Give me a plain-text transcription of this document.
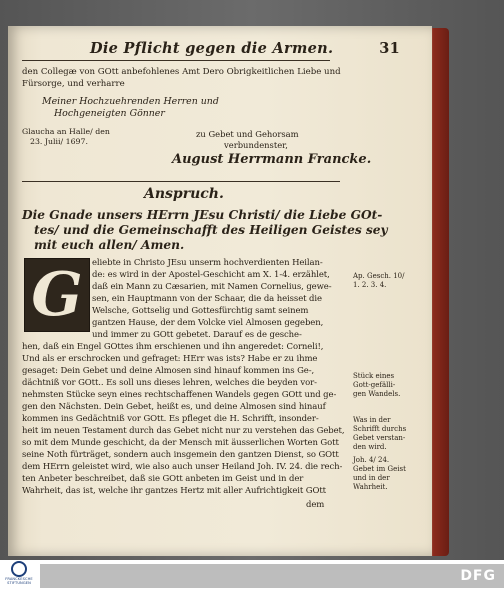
Die Pflicht gegen die Armen.	31
den Collegæ von GOtt anbefohlenes Amt Dero Obrigkeitlichen Liebe und
Fürsorge, und verharre
Meiner Hochzuehrenden Herren und
Hochgeneigten Gönner
Glaucha an Halle/ den
23. Julii/ 1697.
zu Gebet und Gehorsam
verbundenster,
August Herrmann Francke.
Anspruch.
Die Gnade unsers HErrn JEsu Christi/ die Liebe GOt-
tes/ und die Gemeinschafft des Heiligen Geistes sey
mit euch allen/ Amen.
G	eliebte in Christo JEsu unserm hochverdienten Heilan-
de: es wird in der Apostel-Geschicht am X. 1-4. erzählet,
daß ein Mann zu Cæsarien, mit Namen Cornelius, gewe-
sen, ein Hauptmann von der Schaar, die da heisset die
Welsche, Gottselig und Gottesfürchtig samt seinem
gantzen Hause, der dem Volcke viel Almosen gegeben,
und immer zu GOtt gebetet. Darauf es de gesche-
hen, daß ein Engel GOttes ihm erschienen und ihn angeredet: Corneli!,
Und als er erschrocken und gefraget: HErr was ists? Habe er zu ihme
gesaget: Dein Gebet und deine Almosen sind hinauf kommen ins Ge-,
dächtniß vor GOtt.. Es soll uns dieses lehren, welches die beyden vor-
nehmsten Stücke seyn eines rechtschaffenen Wandels gegen GOtt und ge-
gen den Nächsten. Dein Gebet, heißt es, und deine Almosen sind hinauf
kommen ins Gedächtniß vor GOtt. Es pfleget die H. Schrifft, insonder-
heit im neuen Testament durch das Gebet nicht nur zu verstehen das Gebet,
so mit dem Munde geschicht, da der Mensch mit äusserlichen Worten Gott
seine Noth fürträget, sondern auch insgemein den gantzen Dienst, so GOtt
dem HErrn geleistet wird, wie also auch unser Heiland Joh. IV. 24. die rech-
ten Anbeter beschreibet, daß sie GOtt anbeten im Geist und in der
Wahrheit, das ist, welche ihr gantzes Hertz mit aller Aufrichtigkeit GOtt
dem
Ap. Gesch. 10/
1. 2. 3. 4.
Stück eines
Gott-gefälli-
gen Wandels.
Was in der
Schrifft durchs
Gebet verstan-
den wird.
Joh. 4/ 24.
Gebet im Geist
und in der
Wahrheit.
FRANCKESCHE
STIFTUNGEN	DFG
